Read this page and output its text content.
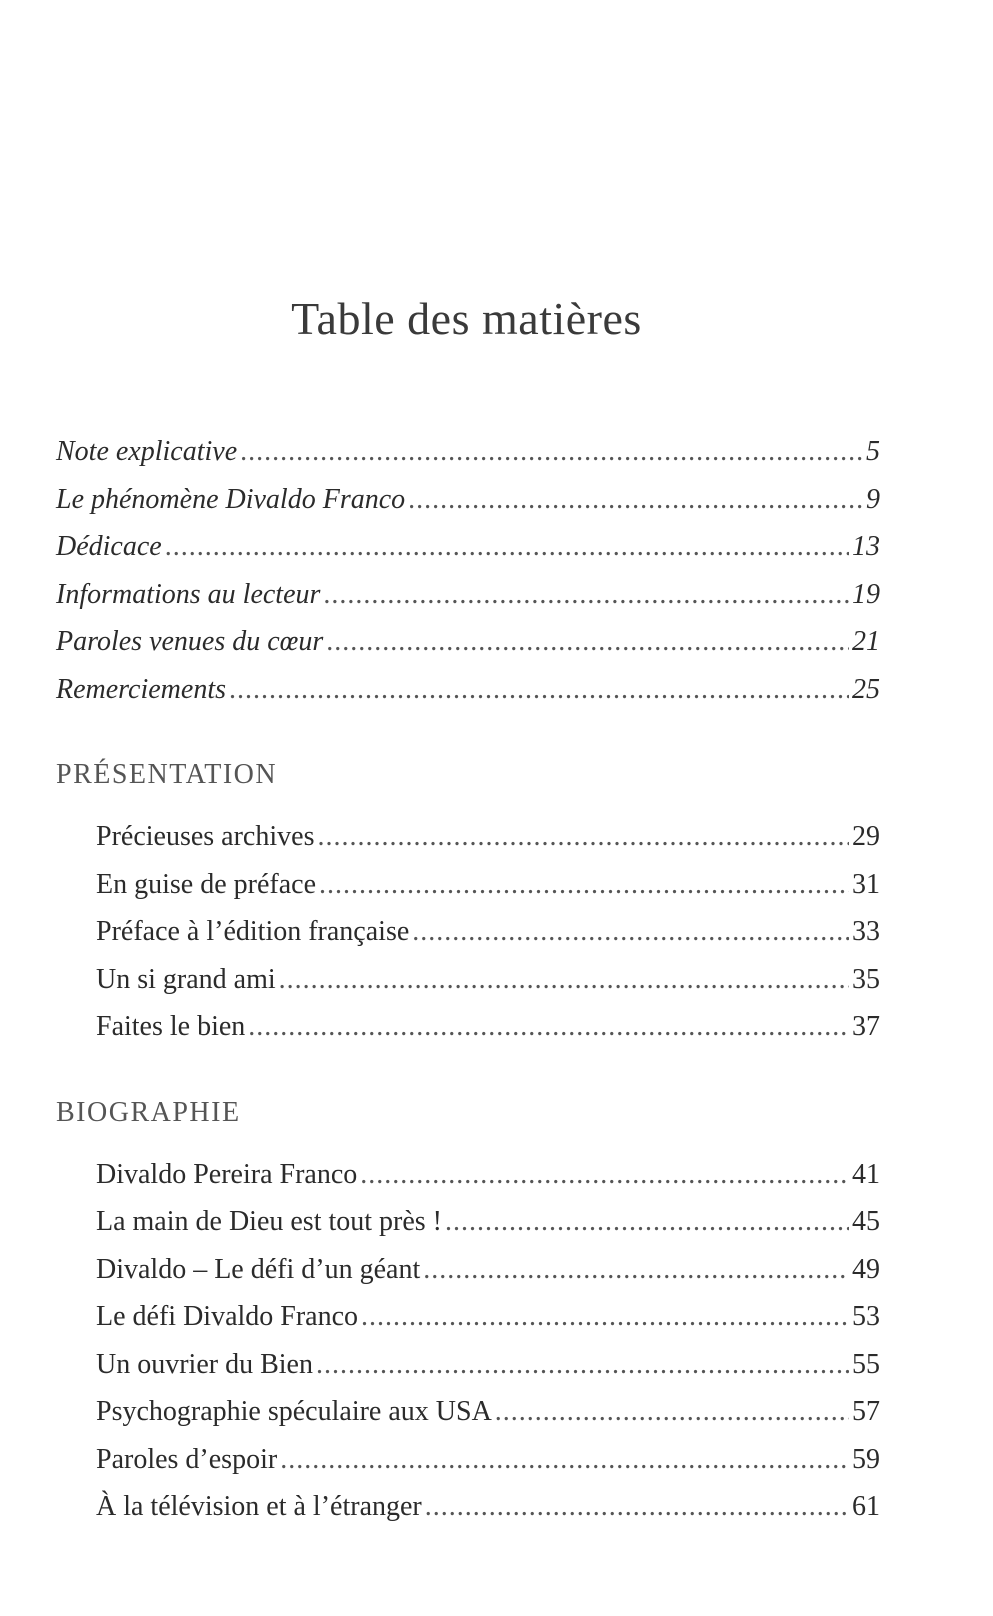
Table des matières
Note explicative .....	5
Le phénomène Divaldo Franco .....	9
Dédicace .....	13
Informations au lecteur .....	19
Paroles venues du cœur .....	21
Remerciements .....	25
PRÉSENTATION
Précieuses archives .....	29
En guise de préface .....	31
Préface à l’édition française .....	33
Un si grand ami .....	35
Faites le bien .....	37
BIOGRAPHIE
Divaldo Pereira Franco .....	41
La main de Dieu est tout près ! .....	45
Divaldo – Le défi d’un géant .....	49
Le défi Divaldo Franco .....	53
Un ouvrier du Bien .....	55
Psychographie spéculaire aux USA .....	57
Paroles d’espoir .....	59
À la télévision et à l’étranger .....	61
